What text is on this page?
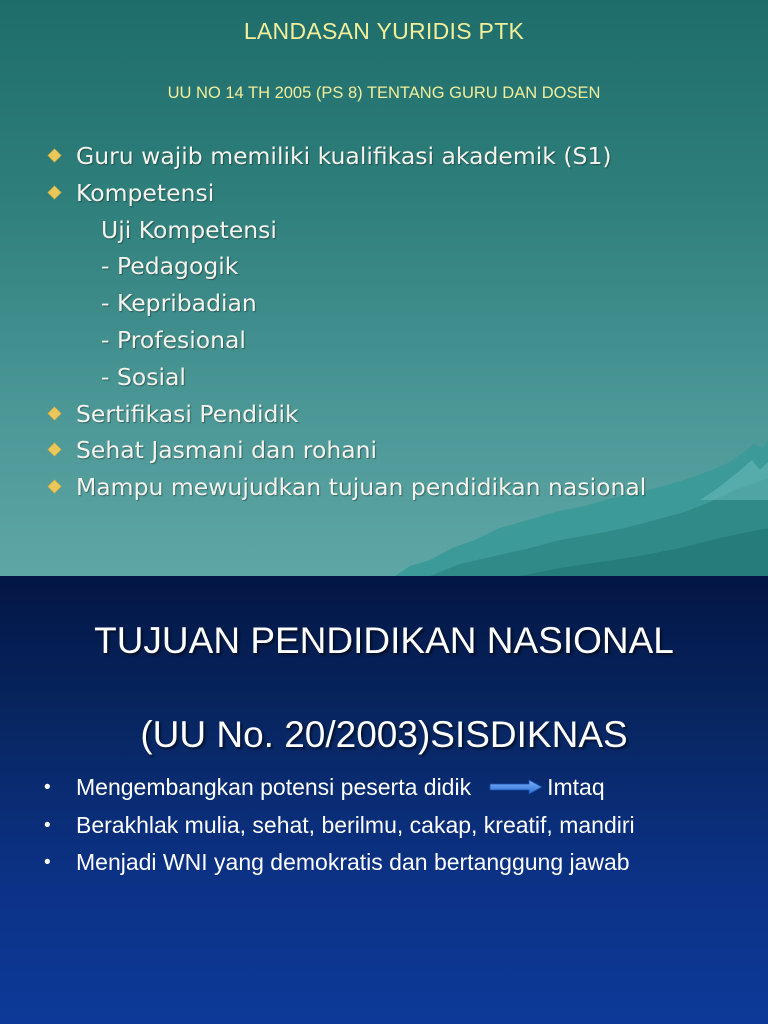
LANDASAN YURIDIS PTK
UU NO 14 TH 2005 (PS 8) TENTANG GURU DAN DOSEN
Guru wajib memiliki kualifikasi akademik (S1)
Kompetensi
Uji Kompetensi
- Pedagogik
- Kepribadian
- Profesional
- Sosial
Sertifikasi Pendidik
Sehat Jasmani dan rohani
Mampu mewujudkan tujuan pendidikan nasional
TUJUAN PENDIDIKAN NASIONAL
(UU No. 20/2003)SISDIKNAS
• Mengembangkan potensi peserta didik	Imtaq
• Berakhlak mulia, sehat, berilmu, cakap, kreatif, mandiri
• Menjadi WNI yang demokratis dan bertanggung jawab
